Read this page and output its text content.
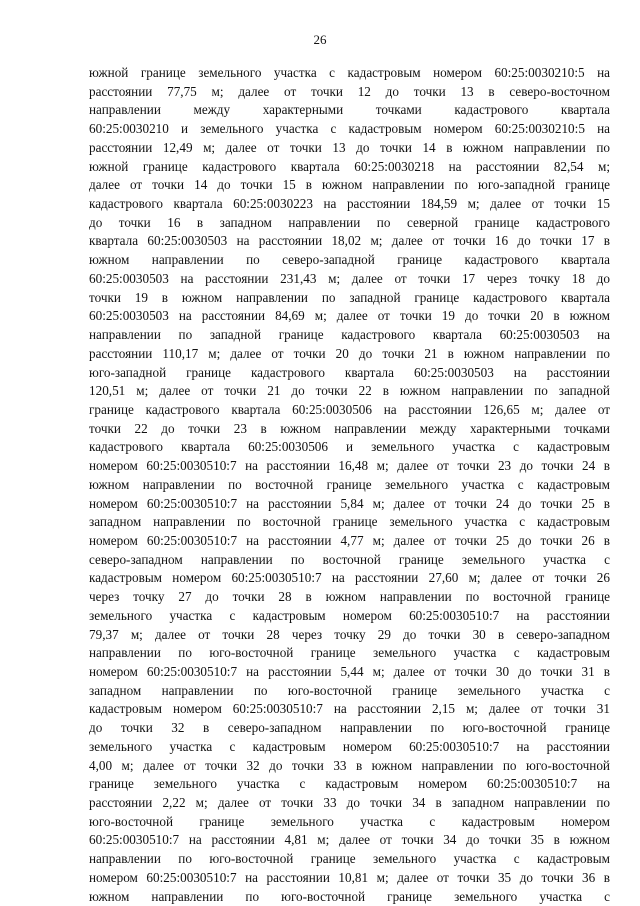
26
южной границе земельного участка с кадастровым номером 60:25:0030210:5 на
расстоянии 77,75 м; далее от точки 12 до точки 13 в северо-восточном
направлении между характерными точками кадастрового квартала
60:25:0030210 и земельного участка с кадастровым номером 60:25:0030210:5 на
расстоянии 12,49 м; далее от точки 13 до точки 14 в южном направлении по
южной границе кадастрового квартала 60:25:0030218 на расстоянии 82,54 м;
далее от точки 14 до точки 15 в южном направлении по юго-западной границе
кадастрового квартала 60:25:0030223 на расстоянии 184,59 м; далее от точки 15
до точки 16 в западном направлении по северной границе кадастрового
квартала 60:25:0030503 на расстоянии 18,02 м; далее от точки 16 до точки 17 в
южном направлении по северо-западной границе кадастрового квартала
60:25:0030503 на расстоянии 231,43 м; далее от точки 17 через точку 18 до
точки 19 в южном направлении по западной границе кадастрового квартала
60:25:0030503 на расстоянии 84,69 м; далее от точки 19 до точки 20 в южном
направлении по западной границе кадастрового квартала 60:25:0030503 на
расстоянии 110,17 м; далее от точки 20 до точки 21 в южном направлении по
юго-западной границе кадастрового квартала 60:25:0030503 на расстоянии
120,51 м; далее от точки 21 до точки 22 в южном направлении по западной
границе кадастрового квартала 60:25:0030506 на расстоянии 126,65 м; далее от
точки 22 до точки 23 в южном направлении между характерными точками
кадастрового квартала 60:25:0030506 и земельного участка с кадастровым
номером 60:25:0030510:7 на расстоянии 16,48 м; далее от точки 23 до точки 24 в
южном направлении по восточной границе земельного участка с кадастровым
номером 60:25:0030510:7 на расстоянии 5,84 м; далее от точки 24 до точки 25 в
западном направлении по восточной границе земельного участка с кадастровым
номером 60:25:0030510:7 на расстоянии 4,77 м; далее от точки 25 до точки 26 в
северо-западном направлении по восточной границе земельного участка с
кадастровым номером 60:25:0030510:7 на расстоянии 27,60 м; далее от точки 26
через точку 27 до точки 28 в южном направлении по восточной границе
земельного участка с кадастровым номером 60:25:0030510:7 на расстоянии
79,37 м; далее от точки 28 через точку 29 до точки 30 в северо-западном
направлении по юго-восточной границе земельного участка с кадастровым
номером 60:25:0030510:7 на расстоянии 5,44 м; далее от точки 30 до точки 31 в
западном направлении по юго-восточной границе земельного участка с
кадастровым номером 60:25:0030510:7 на расстоянии 2,15 м; далее от точки 31
до точки 32 в северо-западном направлении по юго-восточной границе
земельного участка с кадастровым номером 60:25:0030510:7 на расстоянии
4,00 м; далее от точки 32 до точки 33 в южном направлении по юго-восточной
границе земельного участка с кадастровым номером 60:25:0030510:7 на
расстоянии 2,22 м; далее от точки 33 до точки 34 в западном направлении по
юго-восточной границе земельного участка с кадастровым номером
60:25:0030510:7 на расстоянии 4,81 м; далее от точки 34 до точки 35 в южном
направлении по юго-восточной границе земельного участка с кадастровым
номером 60:25:0030510:7 на расстоянии 10,81 м; далее от точки 35 до точки 36 в
южном направлении по юго-восточной границе земельного участка с
